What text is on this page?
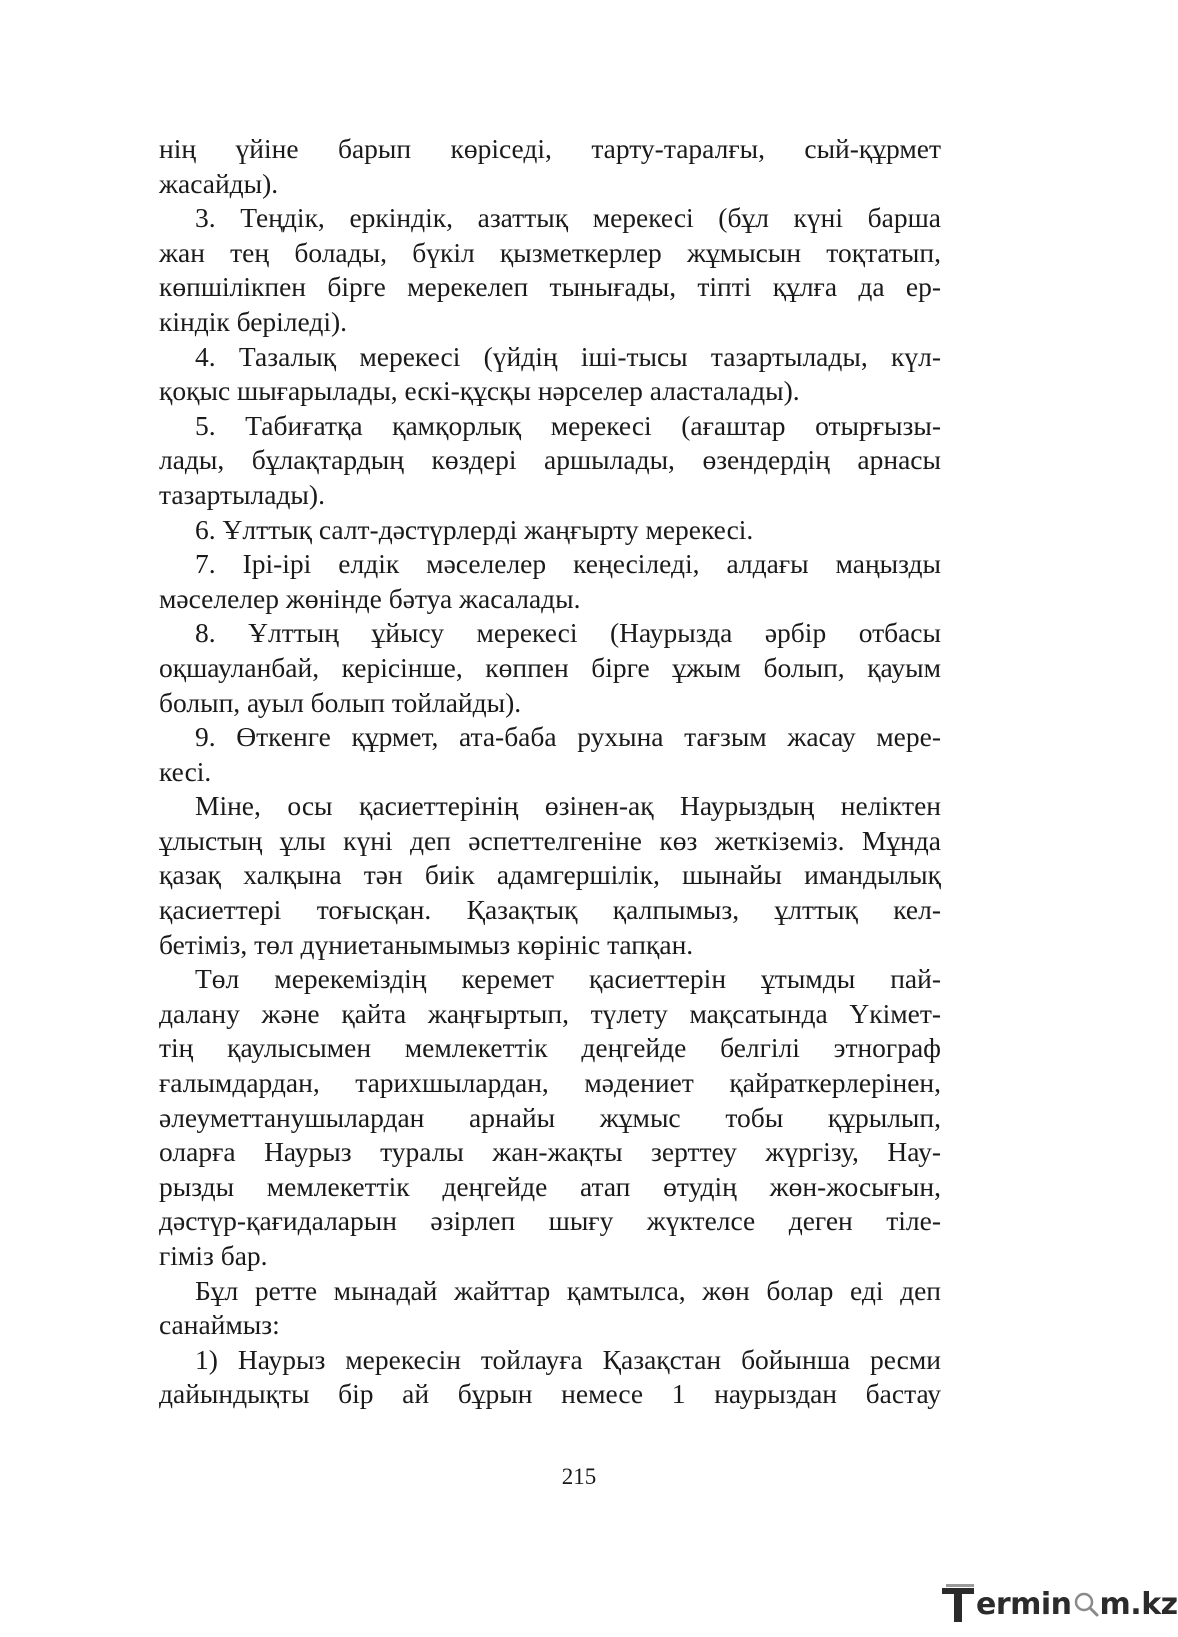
нің үйіне барып көріседі, тарту-таралғы, сый-құрмет
жасайды).
3. Теңдік, еркіндік, азаттық мерекесі (бұл күні барша
жан тең болады, бүкіл қызметкерлер жұмысын тоқтатып,
көпшілікпен бірге мерекелеп тынығады, тіпті құлға да ер-
кіндік беріледі).
4. Тазалық мерекесі (үйдің іші-тысы тазартылады, күл-
қоқыс шығарылады, ескі-құсқы нәрселер аласталады).
5. Табиғатқа қамқорлық мерекесі (ағаштар отырғызы-
лады, бұлақтардың көздері аршылады, өзендердің арнасы
тазартылады).
6. Ұлттық салт-дәстүрлерді жаңғырту мерекесі.
7. Ірі-ірі елдік мәселелер кеңесіледі, алдағы маңызды
мәселелер жөнінде бәтуа жасалады.
8. Ұлттың ұйысу мерекесі (Наурызда әрбір отбасы
оқшауланбай, керісінше, көппен бірге ұжым болып, қауым
болып, ауыл болып тойлайды).
9. Өткенге құрмет, ата-баба рухына тағзым жасау мере-
кесі.
Міне, осы қасиеттерінің өзінен-ақ Наурыздың неліктен
ұлыстың ұлы күні деп әспеттелгеніне көз жеткіземіз. Мұнда
қазақ халқына тән биік адамгершілік, шынайы имандылық
қасиеттері тоғысқан. Қазақтық қалпымыз, ұлттық кел-
бетіміз, төл дүниетанымымыз көрініс тапқан.
Төл мерекеміздің керемет қасиеттерін ұтымды пай-
далану және қайта жаңғыртып, түлету мақсатында Үкімет-
тің қаулысымен мемлекеттік деңгейде белгілі этнограф
ғалымдардан, тарихшылардан, мәдениет қайраткерлерінен,
әлеуметтанушылардан арнайы жұмыс тобы құрылып,
оларға Наурыз туралы жан-жақты зерттеу жүргізу, Нау-
рызды мемлекеттік деңгейде атап өтудің жөн-жосығын,
дәстүр-қағидаларын әзірлеп шығу жүктелсе деген тіле-
гіміз бар.
Бұл ретте мынадай жайттар қамтылса, жөн болар еді деп
санаймыз:
1) Наурыз мерекесін тойлауға Қазақстан бойынша ресми
дайындықты бір ай бұрын немесе 1 наурыздан бастау
215
ermin m.kz
